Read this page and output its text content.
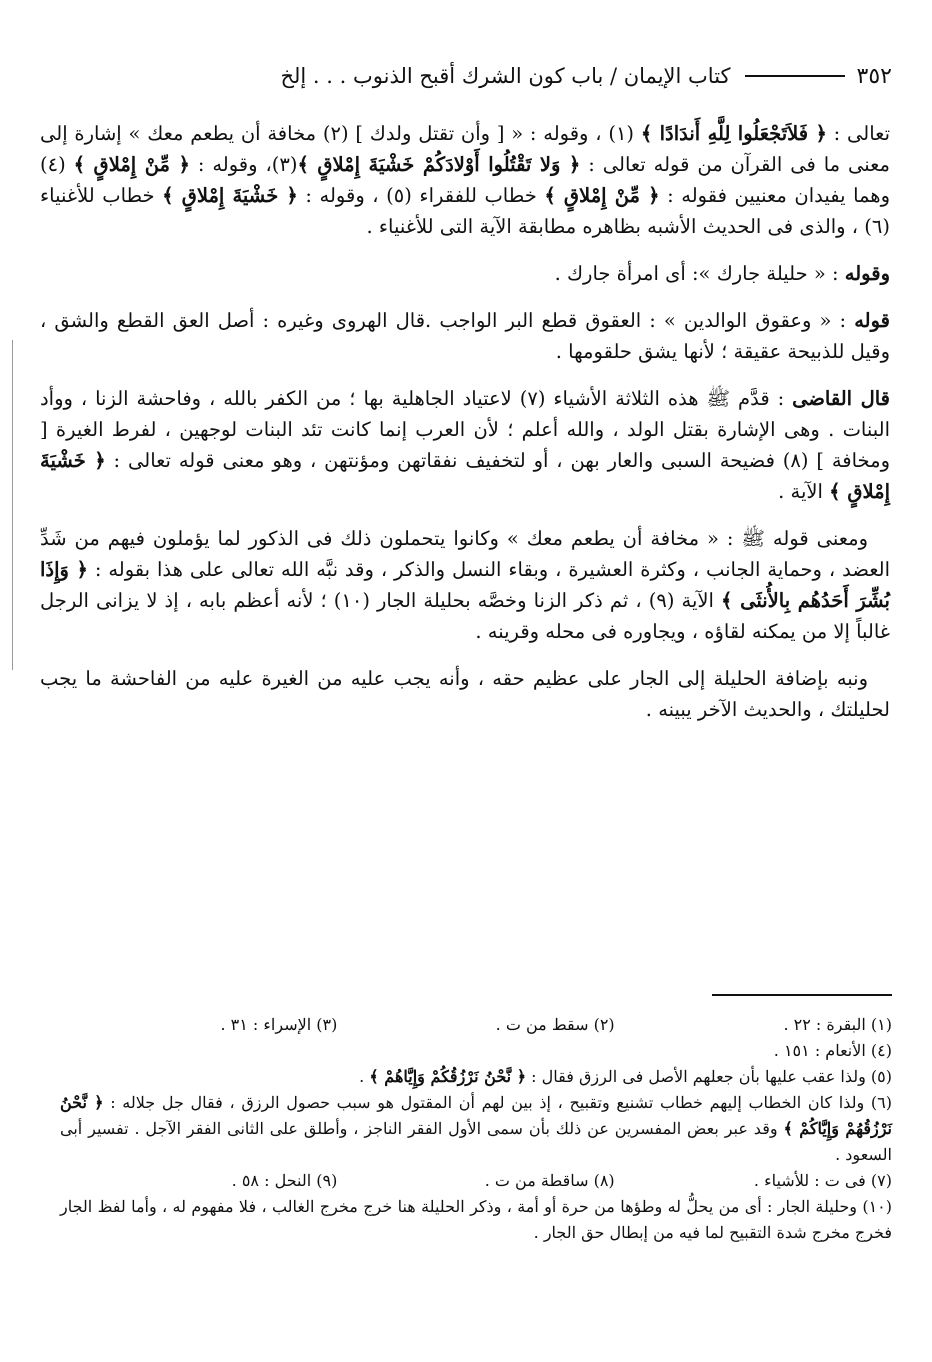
٣٥٢
كتاب الإيمان / باب كون الشرك أقبح الذنوب . . . إلخ

تعالى : ﴿ فَلاَتَجْعَلُوا لِلَّهِ أَندَادًا ﴾ (١) ، وقوله : « [ وأن تقتل ولدك ] (٢) مخافة أن يطعم معك » إشارة إلى معنى ما فى القرآن من قوله تعالى : ﴿ وَلا تَقْتُلُوا أَوْلادَكُمْ خَشْيَةَ إِمْلاقٍ ﴾(٣)، وقوله : ﴿ مِّنْ إِمْلاقٍ ﴾ (٤) وهما يفيدان معنيين فقوله : ﴿ مِّنْ إِمْلاقٍ ﴾ خطاب للفقراء (٥) ، وقوله : ﴿ خَشْيَةَ إِمْلاقٍ ﴾ خطاب للأغنياء (٦) ، والذى فى الحديث الأشبه بظاهره مطابقة الآية التى للأغنياء .

وقوله : « حليلة جارك »: أى امرأة جارك .

قوله : « وعقوق الوالدين » : العقوق قطع البر الواجب .قال الهروى وغيره : أصل العق القطع والشق ، وقيل للذبيحة عقيقة ؛ لأنها يشق حلقومها .

قال القاضى : قدَّم ﷺ هذه الثلاثة الأشياء (٧) لاعتياد الجاهلية بها ؛ من الكفر بالله ، وفاحشة الزنا ، ووأد البنات . وهى الإشارة بقتل الولد ، والله أعلم ؛ لأن العرب إنما كانت تئد البنات لوجهين ، لفرط الغيرة [ ومخافة ] (٨) فضيحة السبى والعار بهن ، أو لتخفيف نفقاتهن ومؤنتهن ، وهو معنى قوله تعالى : ﴿ خَشْيَةَ إِمْلاقٍ ﴾ الآية .

ومعنى قوله ﷺ : « مخافة أن يطعم معك » وكانوا يتحملون ذلك فى الذكور لما يؤملون فيهم من شَدِّ العضد ، وحماية الجانب ، وكثرة العشيرة ، وبقاء النسل والذكر ، وقد نبَّه الله تعالى على هذا بقوله : ﴿ وَإِذَا بُشِّرَ أَحَدُهُم بِالأُنثَى ﴾ الآية (٩) ، ثم ذكر الزنا وخصَّه بحليلة الجار (١٠) ؛ لأنه أعظم بابه ، إذ لا يزانى الرجل غالباً إلا من يمكنه لقاؤه ، ويجاوره فى محله وقرينه .

ونبه بإضافة الحليلة إلى الجار على عظيم حقه ، وأنه يجب عليه من الغيرة عليه من الفاحشة ما يجب لحليلتك ، والحديث الآخر يبينه .

(١) البقرة : ٢٢ .
(٢) سقط من ت .
(٣) الإسراء : ٣١ .
(٤) الأنعام : ١٥١ .
(٥) ولذا عقب عليها بأن جعلهم الأصل فى الرزق فقال : ﴿ نَّحْنُ نَرْزُقُكُمْ وَإِيَّاهُمْ ﴾ .
(٦) ولذا كان الخطاب إليهم خطاب تشنيع وتقبيح ، إذ بين لهم أن المقتول هو سبب حصول الرزق ، فقال جل جلاله : ﴿ نَّحْنُ نَرْزُقُهُمْ وَإِيَّاكُمْ ﴾ وقد عبر بعض المفسرين عن ذلك بأن سمى الأول الفقر الناجز ، وأطلق على الثانى الفقر الآجل . تفسير أبى السعود .
(٧) فى ت : للأشياء .
(٨) ساقطة من ت .
(٩) النحل : ٥٨ .
(١٠) وحليلة الجار : أى من يحلُّ له وطؤها من حرة أو أمة ، وذكر الحليلة هنا خرج مخرج الغالب ، فلا مفهوم له ، وأما لفظ الجار فخرج مخرج شدة التقبيح لما فيه من إبطال حق الجار .
